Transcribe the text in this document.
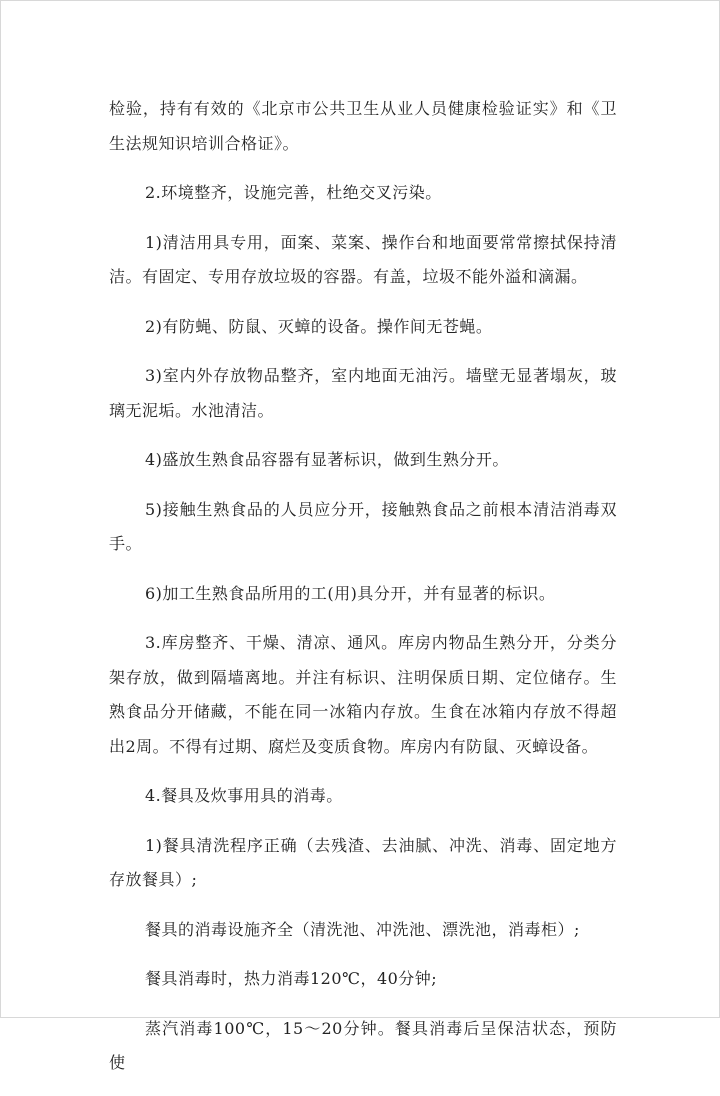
检验，持有有效的《北京市公共卫生从业人员健康检验证实》和《卫生法规知识培训合格证》。

2.环境整齐，设施完善，杜绝交叉污染。

1)清洁用具专用，面案、菜案、操作台和地面要常常擦拭保持清洁。有固定、专用存放垃圾的容器。有盖，垃圾不能外溢和滴漏。

2)有防蝇、防鼠、灭蟑的设备。操作间无苍蝇。

3)室内外存放物品整齐，室内地面无油污。墙壁无显著塌灰，玻璃无泥垢。水池清洁。

4)盛放生熟食品容器有显著标识，做到生熟分开。

5)接触生熟食品的人员应分开，接触熟食品之前根本清洁消毒双手。

6)加工生熟食品所用的工(用)具分开，并有显著的标识。

3.库房整齐、干燥、清凉、通风。库房内物品生熟分开，分类分架存放，做到隔墙离地。并注有标识、注明保质日期、定位储存。生熟食品分开储藏，不能在同一冰箱内存放。生食在冰箱内存放不得超出2周。不得有过期、腐烂及变质食物。库房内有防鼠、灭蟑设备。

4.餐具及炊事用具的消毒。

1)餐具清洗程序正确（去残渣、去油腻、冲洗、消毒、固定地方存放餐具）;

餐具的消毒设施齐全（清洗池、冲洗池、漂洗池，消毒柜）;

餐具消毒时，热力消毒120℃，40分钟;

蒸汽消毒100℃，15～20分钟。餐具消毒后呈保洁状态，预防使
